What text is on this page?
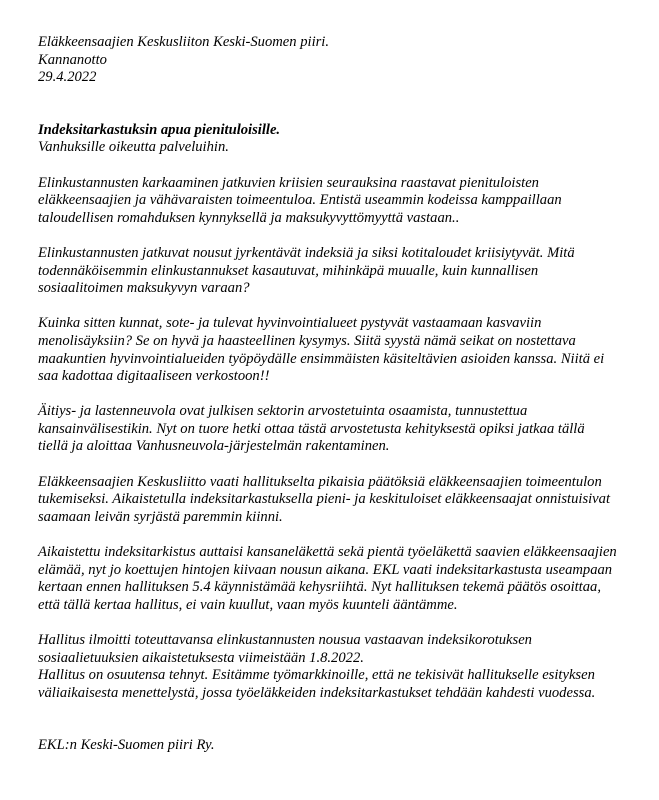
Eläkkeensaajien Keskusliiton Keski-Suomen piiri.
Kannanotto
29.4.2022
Indeksitarkastuksin apua pienituloisille.
Vanhuksille oikeutta palveluihin.
Elinkustannusten karkaaminen jatkuvien kriisien seurauksina raastavat pienituloisten
eläkkeensaajien ja vähävaraisten toimeentuloa. Entistä useammin kodeissa kamppaillaan
taloudellisen romahduksen kynnyksellä ja maksukyvyttömyyttä vastaan..
Elinkustannusten jatkuvat nousut jyrkentävät indeksiä ja siksi kotitaloudet kriisiytyvät. Mitä
todennäköisemmin elinkustannukset kasautuvat, mihinkäpä muualle, kuin kunnallisen
sosiaalitoimen maksukyvyn varaan?
Kuinka sitten kunnat, sote- ja tulevat hyvinvointialueet pystyvät vastaamaan kasvaviin
menolisäyksiin? Se on hyvä ja haasteellinen kysymys. Siitä syystä nämä seikat on nostettava
maakuntien hyvinvointialueiden työpöydälle ensimmäisten käsiteltävien asioiden kanssa. Niitä ei
saa kadottaa digitaaliseen verkostoon!!
Äitiys- ja lastenneuvola ovat julkisen sektorin arvostetuinta osaamista, tunnustettua
kansainvälisestikin. Nyt on tuore hetki ottaa tästä arvostetusta kehityksestä opiksi jatkaa tällä
tiellä ja aloittaa Vanhusneuvola-järjestelmän rakentaminen.
Eläkkeensaajien Keskusliitto vaati hallitukselta pikaisia päätöksiä eläkkeensaajien toimeentulon
tukemiseksi. Aikaistetulla indeksitarkastuksella pieni- ja keskituloiset eläkkeensaajat onnistuisivat
saamaan leivän syrjästä paremmin kiinni.
Aikaistettu indeksitarkistus auttaisi kansaneläkettä sekä pientä työeläkettä saavien eläkkeensaajien
elämää, nyt jo koettujen hintojen kiivaan nousun aikana. EKL vaati indeksitarkastusta useampaan
kertaan ennen hallituksen 5.4 käynnistämää kehysriihtä. Nyt hallituksen tekemä päätös osoittaa,
että tällä kertaa hallitus, ei vain kuullut, vaan myös kuunteli ääntämme.
Hallitus ilmoitti toteuttavansa elinkustannusten nousua vastaavan indeksikorotuksen
sosiaalietuuksien aikaistetuksesta viimeistään 1.8.2022.
Hallitus on osuutensa tehnyt. Esitämme työmarkkinoille, että ne tekisivät hallitukselle esityksen
väliaikaisesta menettelystä, jossa työeläkkeiden indeksitarkastukset tehdään kahdesti vuodessa.
EKL:n Keski-Suomen piiri Ry.
